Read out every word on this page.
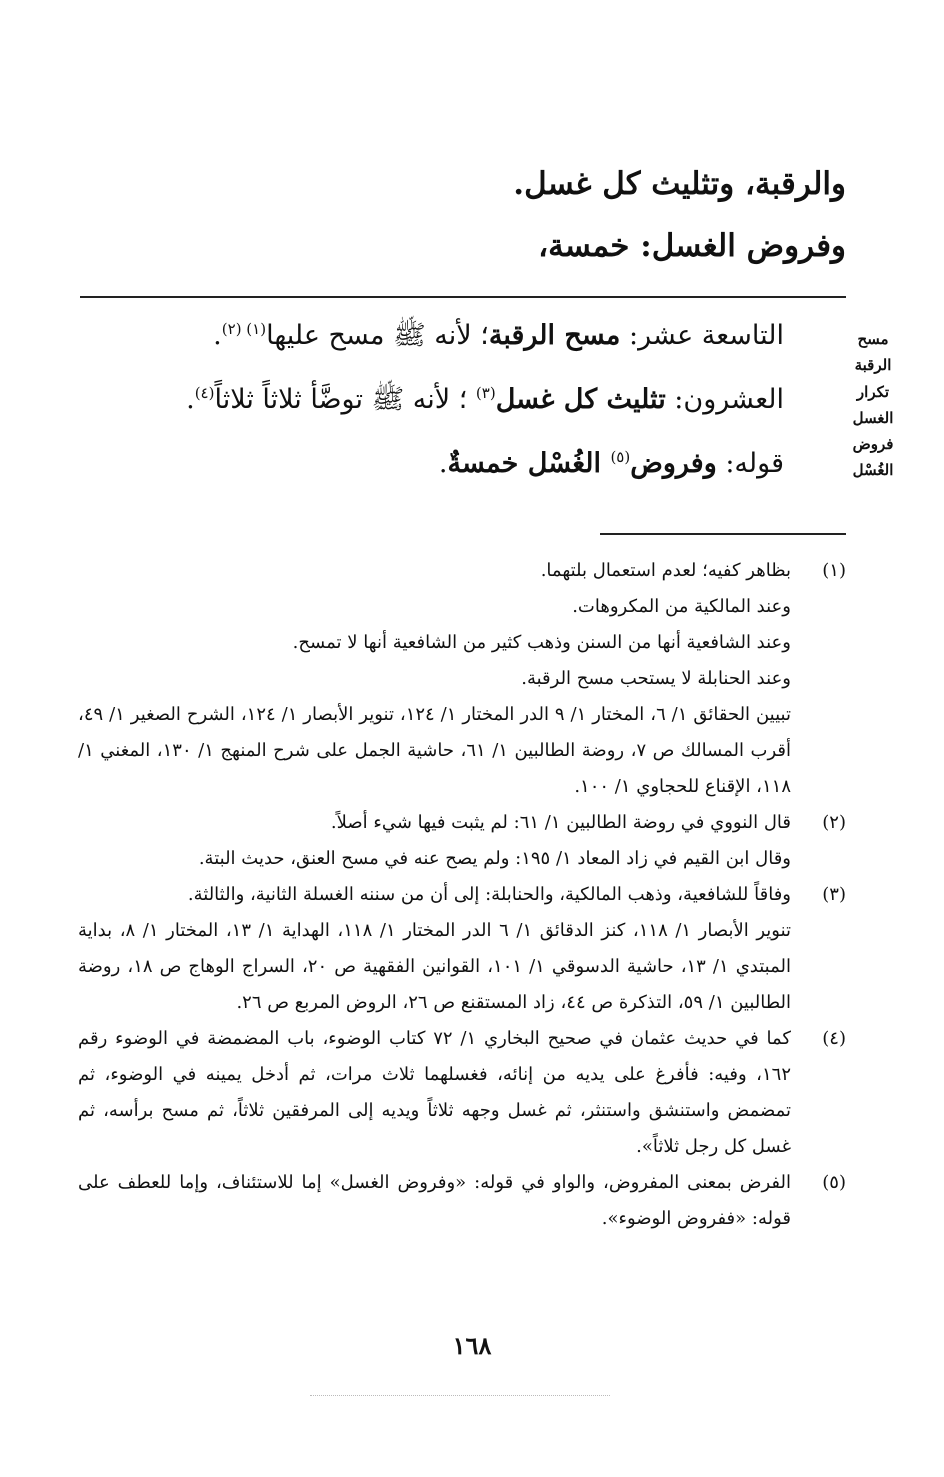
والرقبة، وتثليث كل غسل.
وفروض الغسل: خمسة،
مسح
الرقبة
تكرار
الغسل
فروض
الغُسْل
التاسعة عشر: مسح الرقبة؛ لأنه ﷺ مسح عليها$^{(١) (٢)}$.
العشرون: تثليث كل غسل$^{(٣)}$ ؛ لأنه ﷺ توضَّأ ثلاثاً ثلاثاً$^{(٤)}$.
قوله: وفروض$^{(٥)}$ الغُسْل خمسةٌ.
(١)
بظاهر كفيه؛ لعدم استعمال بلتهما.
وعند المالكية من المكروهات.
وعند الشافعية أنها من السنن وذهب كثير من الشافعية أنها لا تمسح.
وعند الحنابلة لا يستحب مسح الرقبة.
تبيين الحقائق ١/ ٦، المختار ١/ ٩ الدر المختار ١/ ١٢٤، تنوير الأبصار ١/ ١٢٤، الشرح الصغير ١/ ٤٩، أقرب المسالك ص ٧، روضة الطالبين ١/ ٦١، حاشية الجمل على شرح المنهج ١/ ١٣٠، المغني ١/ ١١٨، الإقناع للحجاوي ١/ ١٠٠.
(٢)
قال النووي في روضة الطالبين ١/ ٦١: لم يثبت فيها شيء أصلاً.
وقال ابن القيم في زاد المعاد ١/ ١٩٥: ولم يصح عنه في مسح العنق، حديث البتة.
(٣)
وفاقاً للشافعية، وذهب المالكية، والحنابلة: إلى أن من سننه الغسلة الثانية، والثالثة.
تنوير الأبصار ١/ ١١٨، كنز الدقائق ١/ ٦ الدر المختار ١/ ١١٨، الهداية ١/ ١٣، المختار ١/ ٨، بداية المبتدي ١/ ١٣، حاشية الدسوقي ١/ ١٠١، القوانين الفقهية ص ٢٠، السراج الوهاج ص ١٨، روضة الطالبين ١/ ٥٩، التذكرة ص ٤٤، زاد المستقنع ص ٢٦، الروض المربع ص ٢٦.
(٤)
كما في حديث عثمان في صحيح البخاري ١/ ٧٢ كتاب الوضوء، باب المضمضة في الوضوء رقم ١٦٢، وفيه: فأفرغ على يديه من إنائه، فغسلهما ثلاث مرات، ثم أدخل يمينه في الوضوء، ثم تمضمض واستنشق واستنثر، ثم غسل وجهه ثلاثاً ويديه إلى المرفقين ثلاثاً، ثم مسح برأسه، ثم غسل كل رجل ثلاثاً».
(٥)
الفرض بمعنى المفروض، والواو في قوله: «وفروض الغسل» إما للاستئناف، وإما للعطف على قوله: «ففروض الوضوء».
١٦٨
